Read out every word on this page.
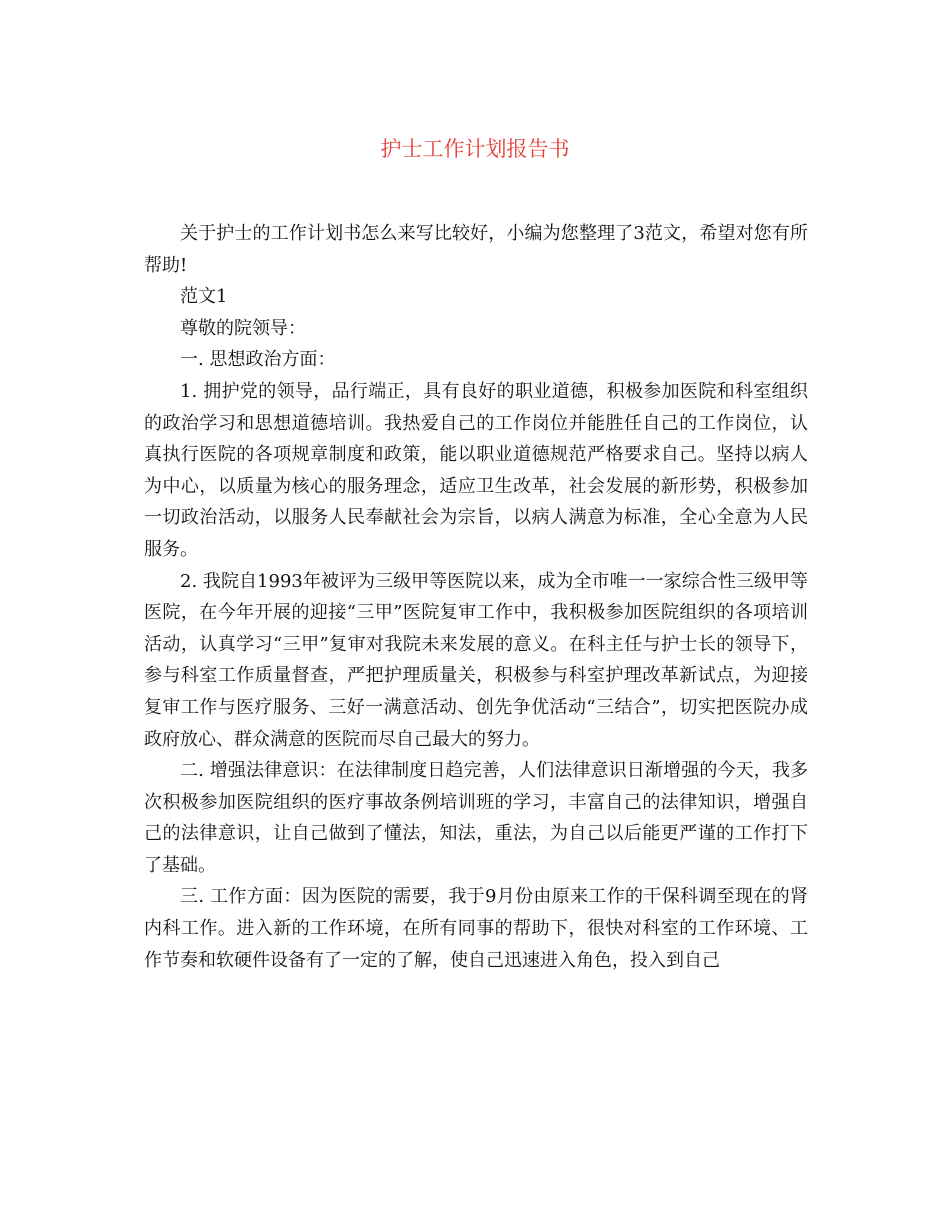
护士工作计划报告书

关于护士的工作计划书怎么来写比较好，小编为您整理了3范文，希望对您有所帮助!

范文1

尊敬的院领导：

一. 思想政治方面：

1. 拥护党的领导，品行端正，具有良好的职业道德，积极参加医院和科室组织的政治学习和思想道德培训。我热爱自己的工作岗位并能胜任自己的工作岗位，认真执行医院的各项规章制度和政策，能以职业道德规范严格要求自己。坚持以病人为中心，以质量为核心的服务理念，适应卫生改革，社会发展的新形势，积极参加一切政治活动，以服务人民奉献社会为宗旨，以病人满意为标准，全心全意为人民服务。

2. 我院自1993年被评为三级甲等医院以来，成为全市唯一一家综合性三级甲等医院，在今年开展的迎接“三甲”医院复审工作中，我积极参加医院组织的各项培训活动，认真学习“三甲”复审对我院未来发展的意义。在科主任与护士长的领导下，参与科室工作质量督查，严把护理质量关，积极参与科室护理改革新试点，为迎接复审工作与医疗服务、三好一满意活动、创先争优活动“三结合”，切实把医院办成政府放心、群众满意的医院而尽自己最大的努力。

二. 增强法律意识：在法律制度日趋完善，人们法律意识日渐增强的今天，我多次积极参加医院组织的医疗事故条例培训班的学习，丰富自己的法律知识，增强自己的法律意识，让自己做到了懂法，知法，重法，为自己以后能更严谨的工作打下了基础。

三. 工作方面：因为医院的需要，我于9月份由原来工作的干保科调至现在的肾内科工作。进入新的工作环境，在所有同事的帮助下，很快对科室的工作环境、工作节奏和软硬件设备有了一定的了解，使自己迅速进入角色，投入到自己
